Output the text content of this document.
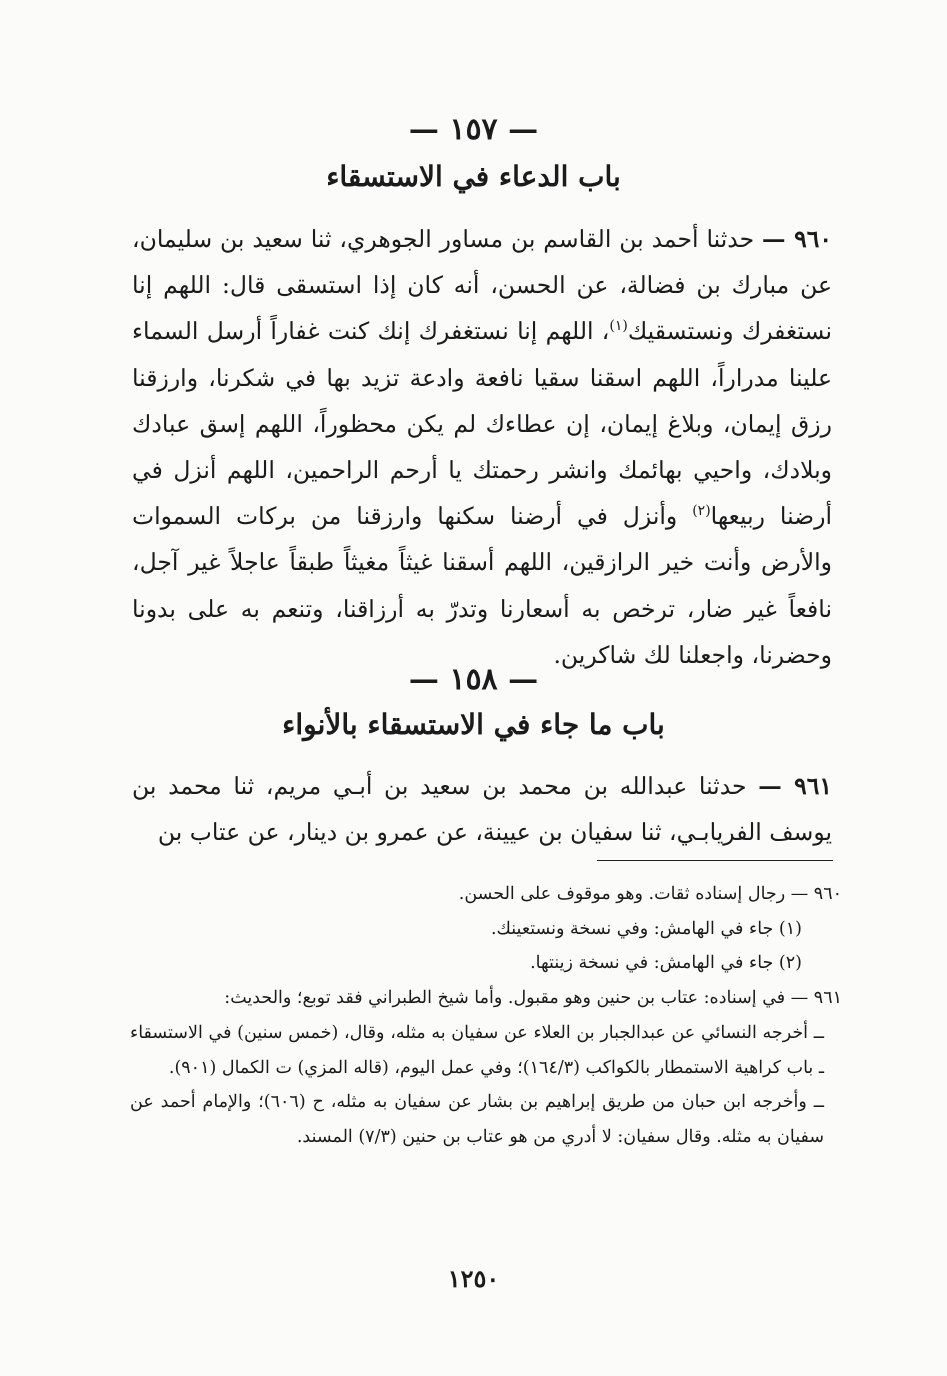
— ١٥٧ —
باب الدعاء في الاستسقاء
٩٦٠ — حدثنا أحمد بن القاسم بن مساور الجوهري، ثنا سعيد بن سليمان، عن مبارك بن فضالة، عن الحسن، أنه كان إذا استسقى قال: اللهم إنا نستغفرك ونستسقيك$^{(١)}$، اللهم إنا نستغفرك إنك كنت غفاراً أرسل السماء علينا مدراراً، اللهم اسقنا سقيا نافعة وادعة تزيد بها في شكرنا، وارزقنا رزق إيمان، وبلاغ إيمان، إن عطاءك لم يكن محظوراً، اللهم إسق عبادك وبلادك، واحيي بهائمك وانشر رحمتك يا أرحم الراحمين، اللهم أنزل في أرضنا ربيعها$^{(٢)}$ وأنزل في أرضنا سكنها وارزقنا من بركات السموات والأرض وأنت خير الرازقين، اللهم أسقنا غيثاً مغيثاً طبقاً عاجلاً غير آجل، نافعاً غير ضار، ترخص به أسعارنا وتدرّ به أرزاقنا، وتنعم به على بدونا وحضرنا، واجعلنا لك شاكرين.
— ١٥٨ —
باب ما جاء في الاستسقاء بالأنواء
٩٦١ — حدثنا عبدالله بن محمد بن سعيد بن أبـي مريم، ثنا محمد بن يوسف الفريابـي، ثنا سفيان بن عيينة، عن عمرو بن دينار، عن عتاب بن
٩٦٠ — رجال إسناده ثقات. وهو موقوف على الحسن.
(١) جاء في الهامش: وفي نسخة ونستعينك.
(٢) جاء في الهامش: في نسخة زينتها.
٩٦١ — في إسناده: عتاب بن حنين وهو مقبول. وأما شيخ الطبراني فقد توبع؛ والحديث:
ــ أخرجه النسائي عن عبدالجبار بن العلاء عن سفيان به مثله، وقال، (خمس سنين) في الاستسقاء ـ باب كراهية الاستمطار بالكواكب (١٦٤/٣)؛ وفي عمل اليوم، (قاله المزي) ت الكمال (٩٠١).
ــ وأخرجه ابن حبان من طريق إبراهيم بن بشار عن سفيان به مثله، ح (٦٠٦)؛ والإمام أحمد عن سفيان به مثله. وقال سفيان: لا أدري من هو عتاب بن حنين (٧/٣) المسند.
١٢٥٠
